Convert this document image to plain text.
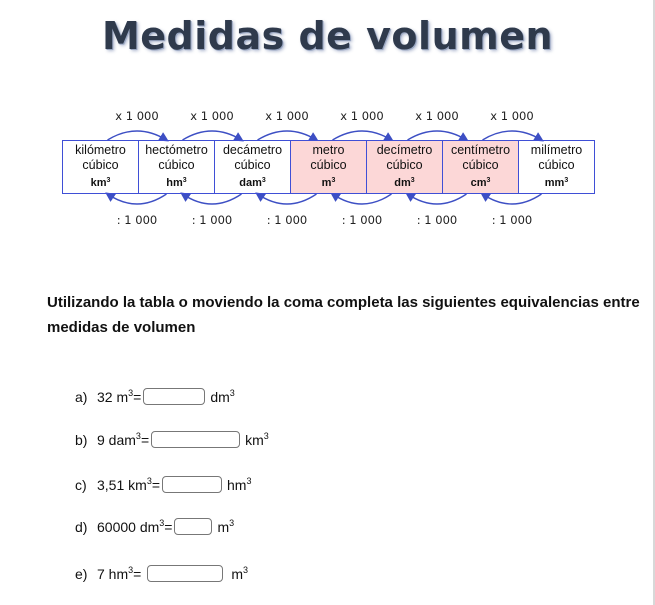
Medidas de volumen
x 1 000	x 1 000	x 1 000	x 1 000	x 1 000	x 1 000
kilómetro
cúbico
$km^3$	hectómetro
cúbico
$hm^3$	decámetro
cúbico
dam$^3$	metro
cúbico
$m^3$	decímetro
cúbico
$dm^3$	centímetro
cúbico
$cm^3$	milímetro
cúbico
$mm^3$
: 1 000	: 1 000	: 1 000	: 1 000	: 1 000	: 1 000
Utilizando la tabla o moviendo la coma completa las siguientes equivalencias entre medidas de volumen
a) 32 $m^3$ =	$dm^3$
b) 9 dam$^3$ =	$km^3$
c) 3,51 $km^3$ =	$hm^3$
d) 60000 $dm^3$ =	$m^3$
e) 7 $hm^3$ =	$m^3$
